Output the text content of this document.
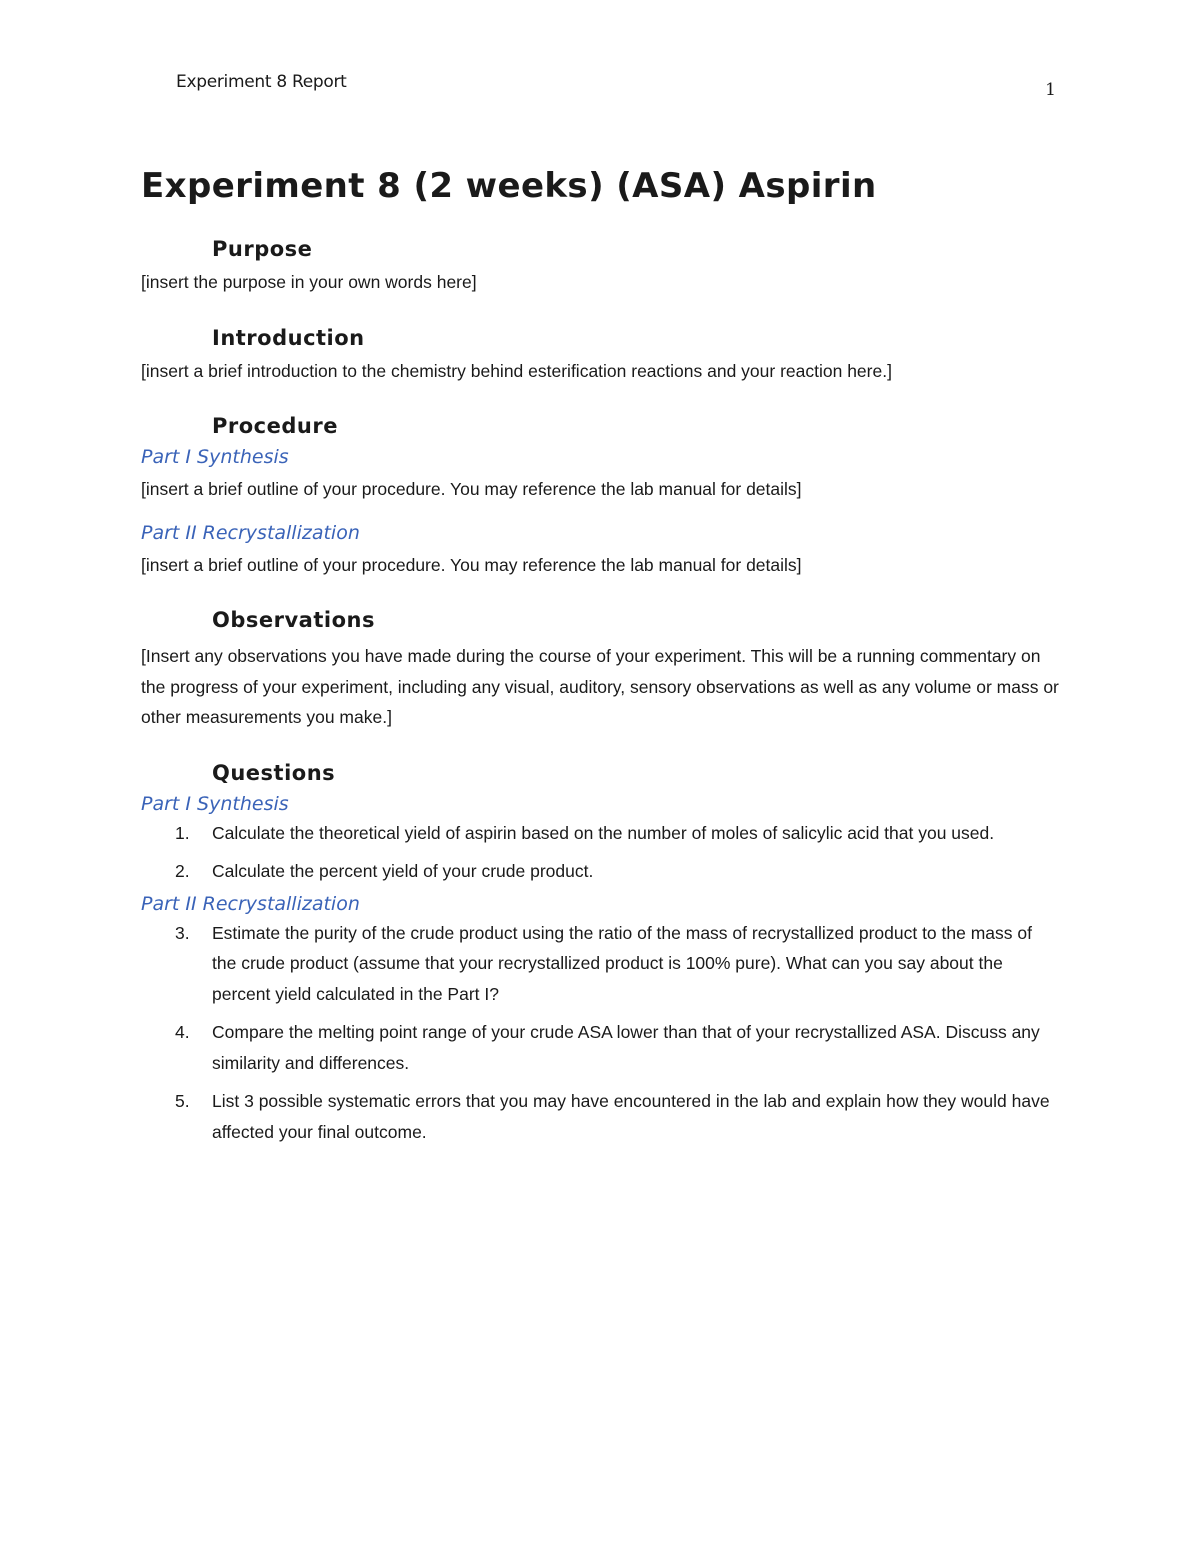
Experiment 8 Report	1
Experiment 8 (2 weeks) (ASA) Aspirin
Purpose

[insert the purpose in your own words here]

Introduction

[insert a brief introduction to the chemistry behind esterification reactions and your reaction here.]

Procedure
Part I Synthesis

[insert a brief outline of your procedure. You may reference the lab manual for details]

Part II Recrystallization

[insert a brief outline of your procedure. You may reference the lab manual for details]

Observations

[Insert any observations you have made during the course of your experiment. This will be a running commentary on the progress of your experiment, including any visual, auditory, sensory observations as well as any volume or mass or other measurements you make.]

Questions
Part I Synthesis
1. Calculate the theoretical yield of aspirin based on the number of moles of salicylic acid that you used.
2. Calculate the percent yield of your crude product.
Part II Recrystallization
3. Estimate the purity of the crude product using the ratio of the mass of recrystallized product to the mass of the crude product (assume that your recrystallized product is 100% pure). What can you say about the percent yield calculated in the Part I?
4. Compare the melting point range of your crude ASA lower than that of your recrystallized ASA. Discuss any similarity and differences.
5. List 3 possible systematic errors that you may have encountered in the lab and explain how they would have affected your final outcome.
